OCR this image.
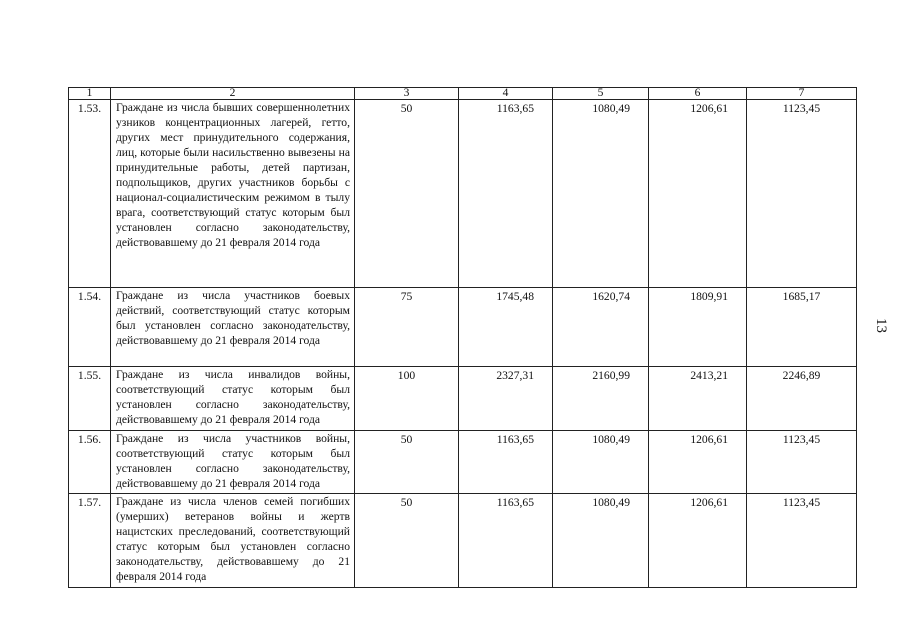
1	2	3	4	5	6	7
1.53.	Граждане из числа бывших совершеннолетних узников концентрационных лагерей, гетто, других мест принудительного содержания, лиц, которые были насильственно вывезены на принудительные работы, детей партизан, подпольщиков, других участников борьбы с национал-социалистическим режимом в тылу врага, соответствующий статус которым был установлен согласно законодательству, действовавшему до 21 февраля 2014 года	50	1163,65	1080,49	1206,61	1123,45
1.54.	Граждане из числа участников боевых действий, соответствующий статус которым был установлен согласно законодательству, действовавшему до 21 февраля 2014 года	75	1745,48	1620,74	1809,91	1685,17
1.55.	Граждане из числа инвалидов войны, соответствующий статус которым был установлен согласно законодательству, действовавшему до 21 февраля 2014 года	100	2327,31	2160,99	2413,21	2246,89
1.56.	Граждане из числа участников войны, соответствующий статус которым был установлен согласно законодательству, действовавшему до 21 февраля 2014 года	50	1163,65	1080,49	1206,61	1123,45
1.57.	Граждане из числа членов семей погибших (умерших) ветеранов войны и жертв нацистских преследований, соответствующий статус которым был установлен согласно законодательству, действовавшему до 21 февраля 2014 года	50	1163,65	1080,49	1206,61	1123,45
13
